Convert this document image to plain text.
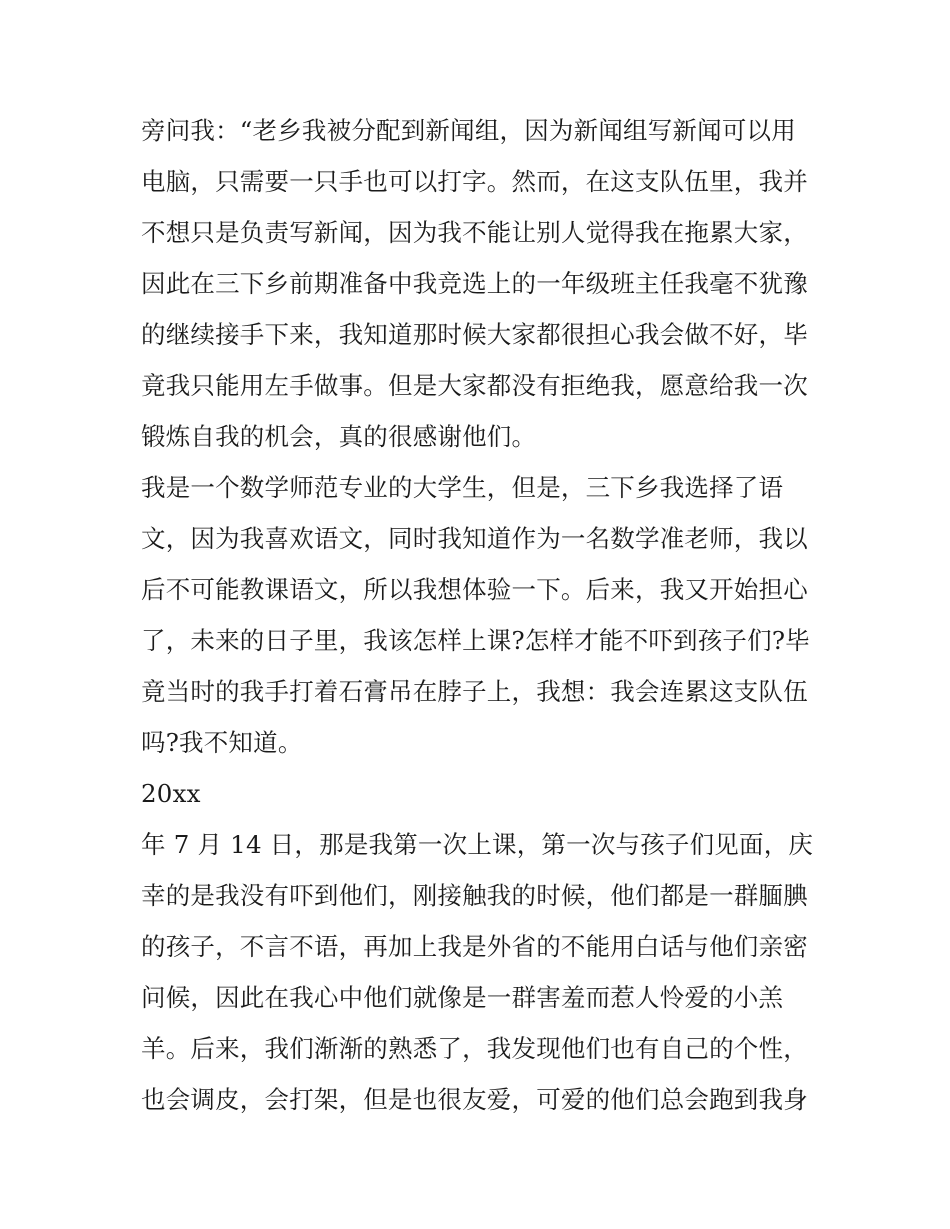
旁问我：“老乡我被分配到新闻组，因为新闻组写新闻可以用
电脑，只需要一只手也可以打字。然而，在这支队伍里，我并
不想只是负责写新闻，因为我不能让别人觉得我在拖累大家，
因此在三下乡前期准备中我竞选上的一年级班主任我毫不犹豫
的继续接手下来，我知道那时候大家都很担心我会做不好，毕
竟我只能用左手做事。但是大家都没有拒绝我，愿意给我一次
锻炼自我的机会，真的很感谢他们。
我是一个数学师范专业的大学生，但是，三下乡我选择了语
文，因为我喜欢语文，同时我知道作为一名数学准老师，我以
后不可能教课语文，所以我想体验一下。后来，我又开始担心
了，未来的日子里，我该怎样上课?怎样才能不吓到孩子们?毕
竟当时的我手打着石膏吊在脖子上，我想：我会连累这支队伍
吗?我不知道。
20xx
年 7 月 14 日，那是我第一次上课，第一次与孩子们见面，庆
幸的是我没有吓到他们，刚接触我的时候，他们都是一群腼腆
的孩子，不言不语，再加上我是外省的不能用白话与他们亲密
问候，因此在我心中他们就像是一群害羞而惹人怜爱的小羔
羊。后来，我们渐渐的熟悉了，我发现他们也有自己的个性，
也会调皮，会打架，但是也很友爱，可爱的他们总会跑到我身
